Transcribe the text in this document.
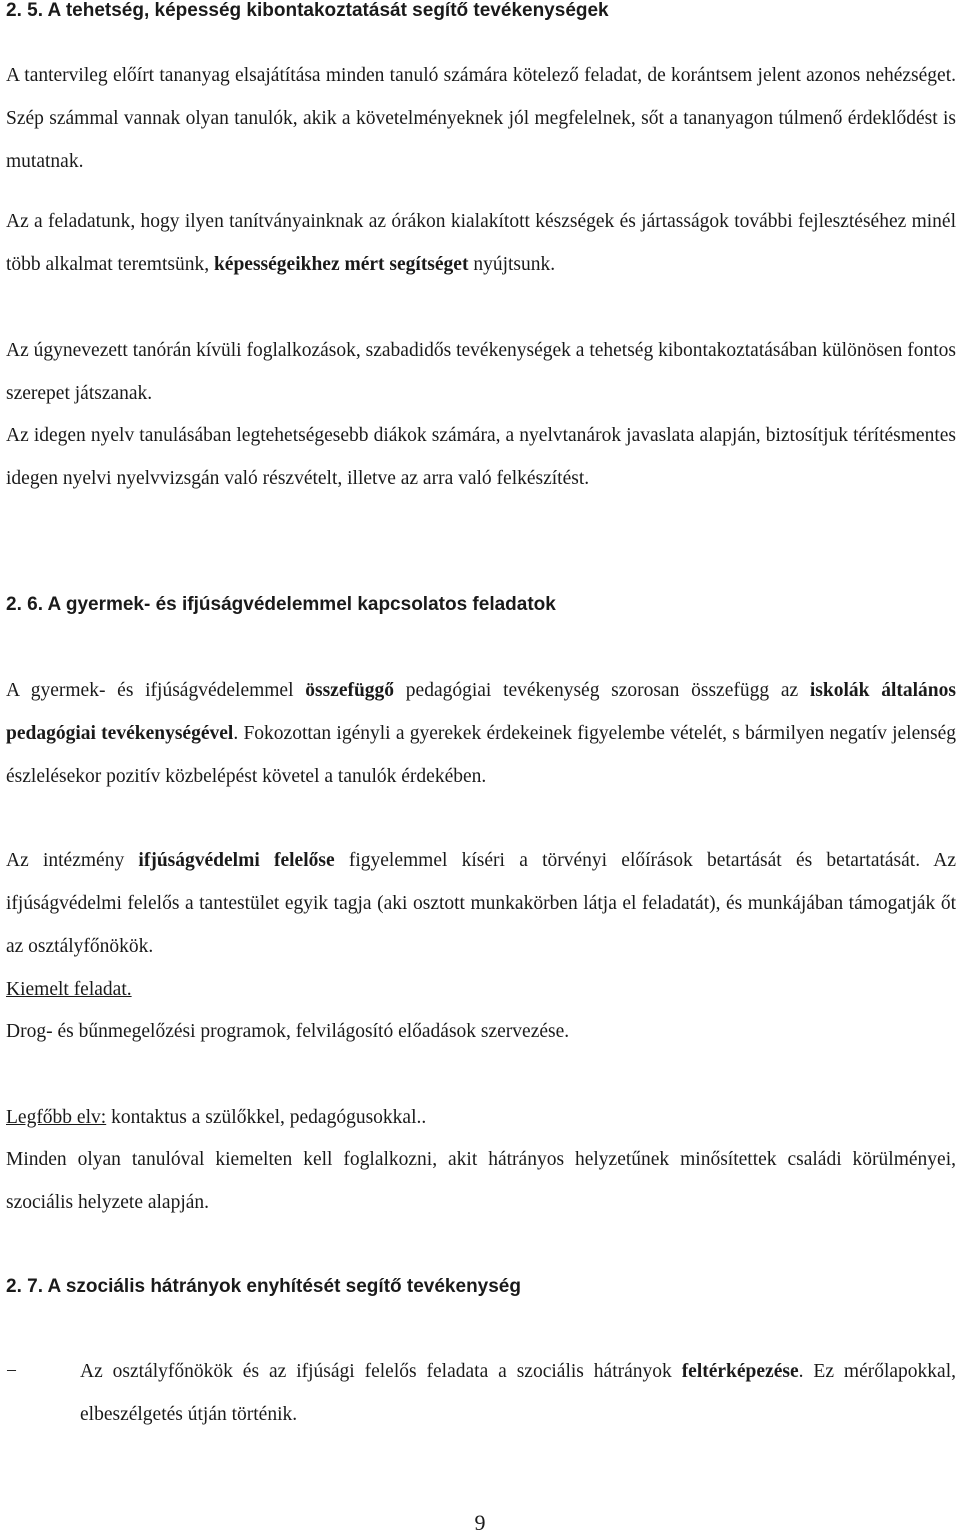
2. 5. A tehetség, képesség kibontakoztatását segítő tevékenységek
A tantervileg előírt tananyag elsajátítása minden tanuló számára kötelező feladat, de korántsem jelent azonos nehézséget. Szép számmal vannak olyan tanulók, akik a követelményeknek jól megfelelnek, sőt a tananyagon túlmenő érdeklődést is mutatnak.
Az a feladatunk, hogy ilyen tanítványainknak az órákon kialakított készségek és jártasságok további fejlesztéséhez minél több alkalmat teremtsünk, képességeikhez mért segítséget nyújtsunk.
Az úgynevezett tanórán kívüli foglalkozások, szabadidős tevékenységek a tehetség kibontakoztatásában különösen fontos szerepet játszanak.
Az idegen nyelv tanulásában legtehetségesebb diákok számára, a nyelvtanárok javaslata alapján, biztosítjuk térítésmentes idegen nyelvi nyelvvizsgán való részvételt, illetve az arra való felkészítést.
2. 6. A gyermek- és ifjúságvédelemmel kapcsolatos feladatok
A gyermek- és ifjúságvédelemmel összefüggő pedagógiai tevékenység szorosan összefügg az iskolák általános pedagógiai tevékenységével. Fokozottan igényli a gyerekek érdekeinek figyelembe vételét, s bármilyen negatív jelenség észlelésekor pozitív közbelépést követel a tanulók érdekében.
Az intézmény ifjúságvédelmi felelőse figyelemmel kíséri a törvényi előírások betartását és betartatását. Az ifjúságvédelmi felelős a tantestület egyik tagja (aki osztott munkakörben látja el feladatát), és munkájában támogatják őt az osztályfőnökök.
Kiemelt feladat.
Drog- és bűnmegelőzési programok, felvilágosító előadások szervezése.
Legfőbb elv: kontaktus a szülőkkel, pedagógusokkal..
Minden olyan tanulóval kiemelten kell foglalkozni, akit hátrányos helyzetűnek minősítettek családi körülményei, szociális helyzete alapján.
2. 7. A szociális hátrányok enyhítését segítő tevékenység
−	Az osztályfőnökök és az ifjúsági felelős feladata a szociális hátrányok feltérképezése. Ez mérőlapokkal, elbeszélgetés útján történik.
9
